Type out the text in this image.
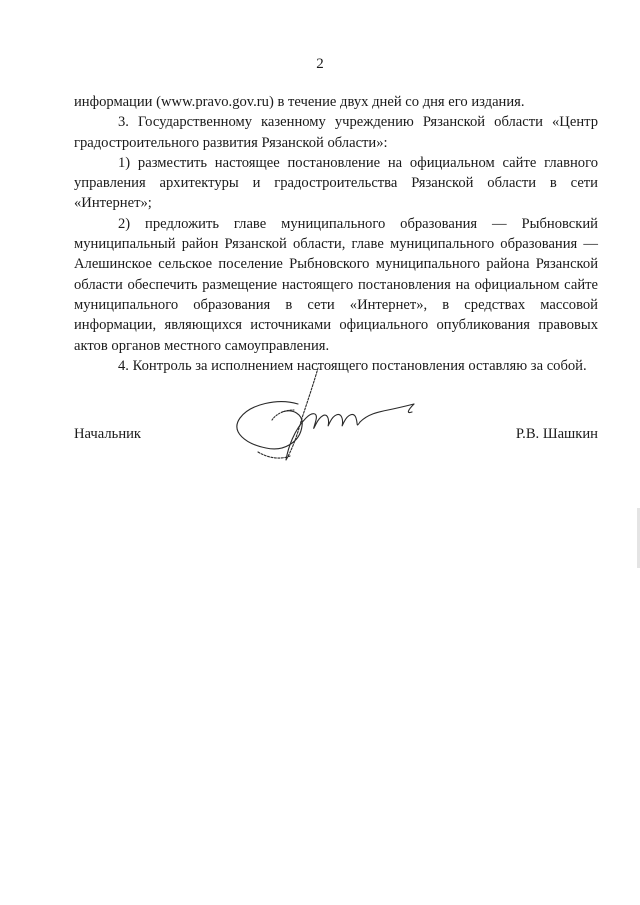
2

информации (www.pravo.gov.ru) в течение двух дней со дня его издания.

3. Государственному казенному учреждению Рязанской области «Центр градостроительного развития Рязанской области»:

1) разместить настоящее постановление на официальном сайте главного управления архитектуры и градостроительства Рязанской области в сети «Интернет»;

2) предложить главе муниципального образования — Рыбновский муниципальный район Рязанской области, главе муниципального образования — Алешинское сельское поселение Рыбновского муниципального района Рязанской области обеспечить размещение настоящего постановления на официальном сайте муниципального образования в сети «Интернет», в средствах массовой информации, являющихся источниками официального опубликования правовых актов органов местного самоуправления.

4. Контроль за исполнением настоящего постановления оставляю за собой.

Начальник	Р.В. Шашкин
